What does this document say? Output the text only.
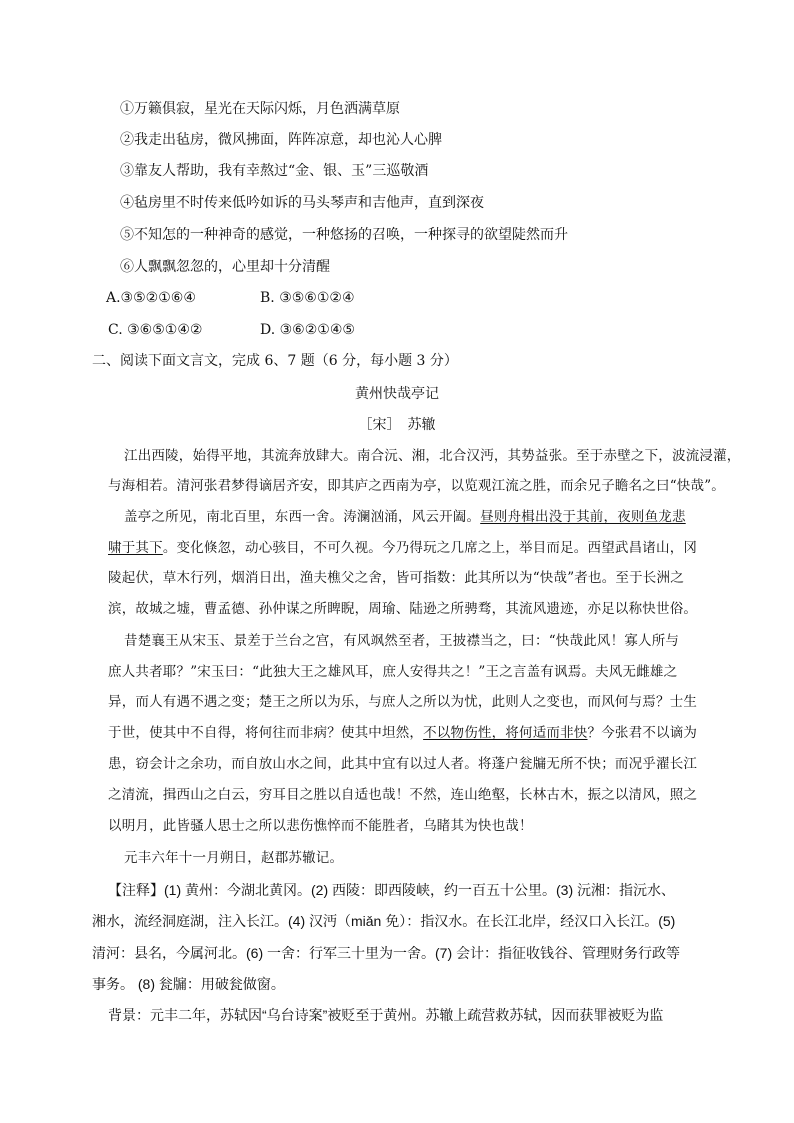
①万籁俱寂，星光在天际闪烁，月色洒满草原
②我走出毡房，微风拂面，阵阵凉意，却也沁人心脾
③靠友人帮助，我有幸熬过“金、银、玉”三巡敬酒
④毡房里不时传来低吟如诉的马头琴声和吉他声，直到深夜
⑤不知怎的一种神奇的感觉，一种悠扬的召唤，一种探寻的欲望陡然而升
⑥人飘飘忽忽的，心里却十分清醒
A.③⑤②①⑥④	B. ③⑤⑥①②④
C. ③⑥⑤①④②	D. ③⑥②①④⑤
二、阅读下面文言文，完成 6、7 题（6 分，每小题 3 分）
黄州快哉亭记
［宋］　苏辙
江出西陵，始得平地，其流奔放肆大。南合沅、湘，北合汉沔，其势益张。至于赤壁之下，波流浸灌，
与海相若。清河张君梦得谪居齐安，即其庐之西南为亭，以览观江流之胜，而余兄子瞻名之曰“快哉”。
盖亭之所见，南北百里，东西一舍。涛澜汹涌，风云开阖。昼则舟楫出没于其前，夜则鱼龙悲
啸于其下。变化倏忽，动心骇目，不可久视。今乃得玩之几席之上，举目而足。西望武昌诸山，冈
陵起伏，草木行列，烟消日出，渔夫樵父之舍，皆可指数：此其所以为“快哉”者也。至于长洲之
滨，故城之墟，曹孟德、孙仲谋之所睥睨，周瑜、陆逊之所骋骛，其流风遗迹，亦足以称快世俗。
昔楚襄王从宋玉、景差于兰台之宫，有风飒然至者，王披襟当之，曰：“快哉此风！寡人所与
庶人共者耶？”宋玉曰：“此独大王之雄风耳，庶人安得共之！”王之言盖有讽焉。夫风无雌雄之
异，而人有遇不遇之变；楚王之所以为乐，与庶人之所以为忧，此则人之变也，而风何与焉？士生
于世，使其中不自得，将何往而非病？使其中坦然，不以物伤性，将何适而非快？今张君不以谪为
患，窃会计之余功，而自放山水之间，此其中宜有以过人者。将蓬户瓮牖无所不快；而况乎濯长江
之清流，揖西山之白云，穷耳目之胜以自适也哉！不然，连山绝壑，长林古木，振之以清风，照之
以明月，此皆骚人思士之所以悲伤憔悴而不能胜者，乌睹其为快也哉！
元丰六年十一月朔日，赵郡苏辙记。
【注释】(1) 黄州：今湖北黄冈。(2) 西陵：即西陵峡，约一百五十公里。(3) 沅湘：指沅水、
湘水，流经洞庭湖，注入长江。(4) 汉沔（miǎn 免）：指汉水。在长江北岸，经汉口入长江。(5)
清河：县名，今属河北。(6) 一舍：行军三十里为一舍。(7) 会计：指征收钱谷、管理财务行政等
事务。 (8) 瓮牖：用破瓮做窗。
背景：元丰二年，苏轼因“乌台诗案”被贬至于黄州。苏辙上疏营救苏轼，因而获罪被贬为监
